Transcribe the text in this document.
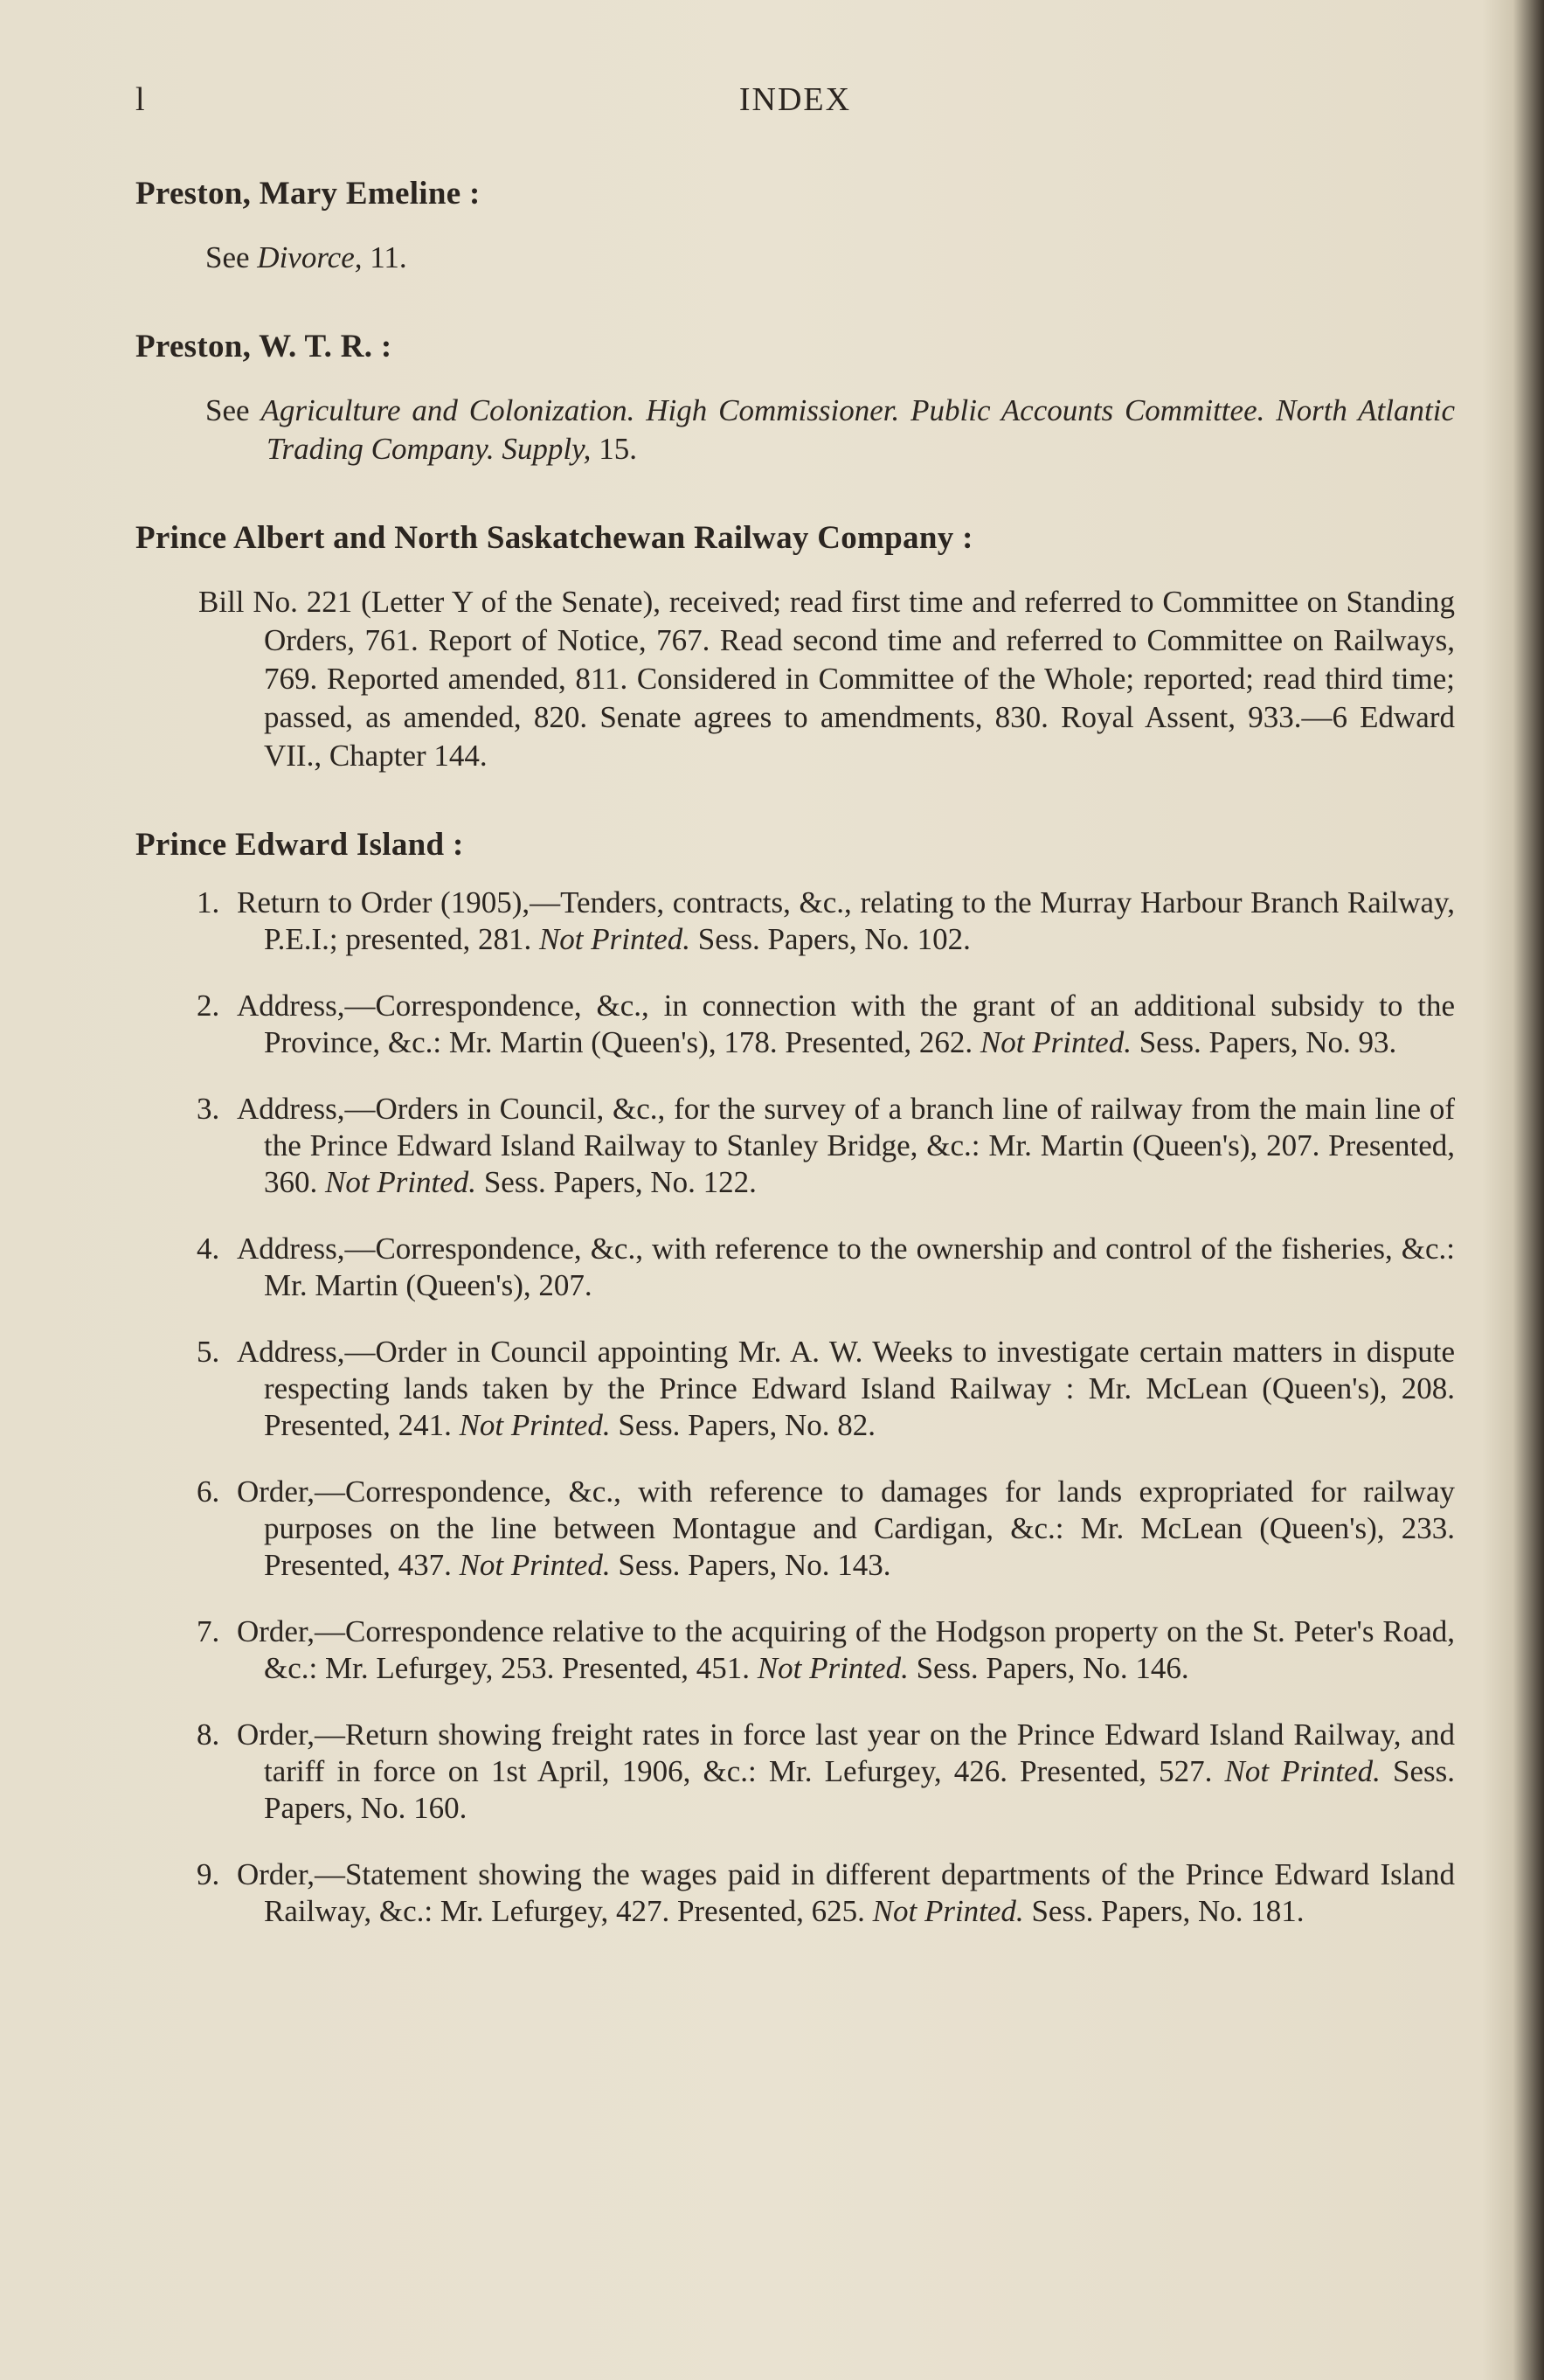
l	INDEX
Preston, Mary Emeline :
See Divorce, 11.
Preston, W. T. R. :
See Agriculture and Colonization. High Commissioner. Public Accounts Committee. North Atlantic Trading Company. Supply, 15.
Prince Albert and North Saskatchewan Railway Company :
Bill No. 221 (Letter Y of the Senate), received; read first time and referred to Committee on Standing Orders, 761. Report of Notice, 767. Read second time and referred to Committee on Railways, 769. Reported amended, 811. Considered in Committee of the Whole; reported; read third time; passed, as amended, 820. Senate agrees to amendments, 830. Royal Assent, 933.—6 Edward VII., Chapter 144.
Prince Edward Island :
1. Return to Order (1905),—Tenders, contracts, &c., relating to the Murray Harbour Branch Railway, P.E.I.; presented, 281. Not Printed. Sess. Papers, No. 102.
2. Address,—Correspondence, &c., in connection with the grant of an additional subsidy to the Province, &c.: Mr. Martin (Queen's), 178. Presented, 262. Not Printed. Sess. Papers, No. 93.
3. Address,—Orders in Council, &c., for the survey of a branch line of railway from the main line of the Prince Edward Island Railway to Stanley Bridge, &c.: Mr. Martin (Queen's), 207. Presented, 360. Not Printed. Sess. Papers, No. 122.
4. Address,—Correspondence, &c., with reference to the ownership and control of the fisheries, &c.: Mr. Martin (Queen's), 207.
5. Address,—Order in Council appointing Mr. A. W. Weeks to investigate certain matters in dispute respecting lands taken by the Prince Edward Island Railway : Mr. McLean (Queen's), 208. Presented, 241. Not Printed. Sess. Papers, No. 82.
6. Order,—Correspondence, &c., with reference to damages for lands expropriated for railway purposes on the line between Montague and Cardigan, &c.: Mr. McLean (Queen's), 233. Presented, 437. Not Printed. Sess. Papers, No. 143.
7. Order,—Correspondence relative to the acquiring of the Hodgson property on the St. Peter's Road, &c.: Mr. Lefurgey, 253. Presented, 451. Not Printed. Sess. Papers, No. 146.
8. Order,—Return showing freight rates in force last year on the Prince Edward Island Railway, and tariff in force on 1st April, 1906, &c.: Mr. Lefurgey, 426. Presented, 527. Not Printed. Sess. Papers, No. 160.
9. Order,—Statement showing the wages paid in different departments of the Prince Edward Island Railway, &c.: Mr. Lefurgey, 427. Presented, 625. Not Printed. Sess. Papers, No. 181.
